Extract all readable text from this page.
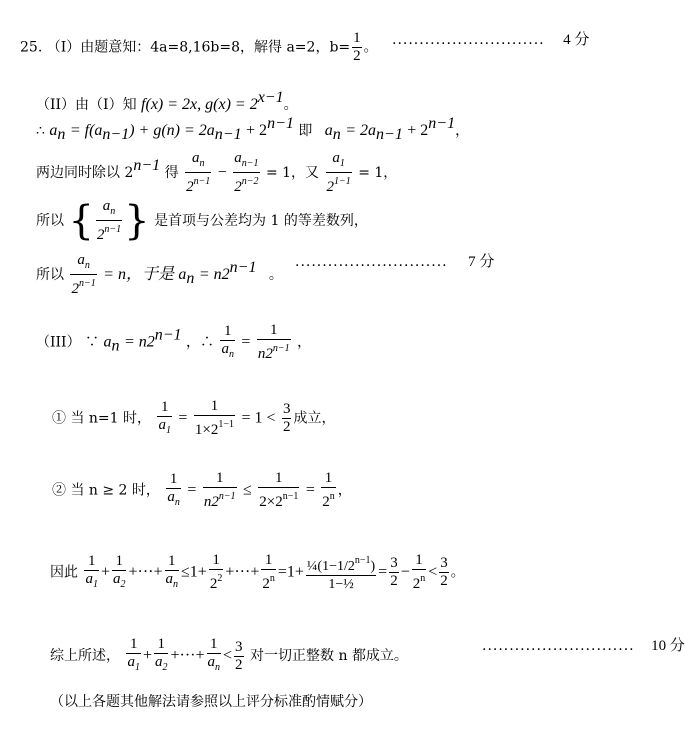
25. （I）由题意知：4a=8,16b=8，解得 a=2，$b= \frac{1}{2}$ 。 ............................ 4 分
（II）由（I）知 f(x) = 2x, $g(x) = 2^{x-1}$。
∴ $a_n = f(a_{n-1}) + g(n) = 2a_{n-1} + 2^{n-1}$ 即 $a_n = 2a_{n-1} + 2^{n-1}$，
两边同时除以 $2^{n-1}$ 得 $\frac{a_n}{2^{n-1}} - \frac{a_{n-1}}{2^{n-2}} = 1$，又 $\frac{a_1}{2^{1-1}} = 1$，
所以 { $\frac{a_n}{2^{n-1}}$ } 是首项与公差均为 1 的等差数列，
所以 $\frac{a_n}{2^{n-1}} = n$，于是 $a_n = n2^{n-1}$ 。
............................ 7 分
（III） ∵ $a_n = n2^{n-1}$ ，∴ $\frac{1}{a_n} = \frac{1}{n2^{n-1}}$ ，
① 当 n=1 时， $\frac{1}{a_1} = \frac{1}{1\times 2^{1-1}} = 1 < \frac{3}{2}$ 成立，
② 当 n ≥ 2 时， $\frac{1}{a_n} = \frac{1}{n2^{n-1}} \le \frac{1}{2\times 2^{n-1}} = \frac{1}{2^n}$ ，
因此 $\frac{1}{a_1} + \frac{1}{a_2}$ +···+ $\frac{1}{a_n} \le 1+ \frac{1}{2^2}$ +···+ $\frac{1}{2^n} =1+ \frac{\frac{1}{4}(1-1/2^{n-1})}{\text{1−½}} = \frac{3}{2} - \frac{1}{2^n} < \frac{3}{2}$ 。
综上所述， $\frac{1}{a_1} + \frac{1}{a_2}$ +···+ $\frac{1}{a_n} < \frac{3}{2}$ 对一切正整数 n 都成立。
............................ 10 分
（以上各题其他解法请参照以上评分标准酌情赋分）
